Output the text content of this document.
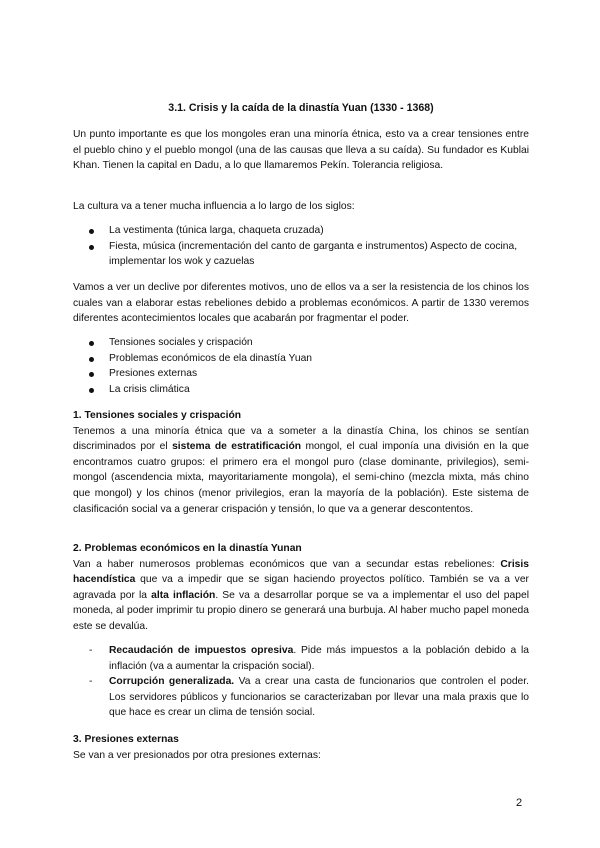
3.1. Crisis y la caída de la dinastía Yuan (1330 - 1368)
Un punto importante es que los mongoles eran una minoría étnica, esto va a crear tensiones entre el pueblo chino y el pueblo mongol (una de las causas que lleva a su caída). Su fundador es Kublai Khan. Tienen la capital en Dadu, a lo que llamaremos Pekín. Tolerancia religiosa.
La cultura va a tener mucha influencia a lo largo de los siglos:
La vestimenta (túnica larga, chaqueta cruzada)
Fiesta, música (incrementación del canto de garganta e instrumentos) Aspecto de cocina, implementar los wok y cazuelas
Vamos a ver un declive por diferentes motivos, uno de ellos va a ser la resistencia de los chinos los cuales van a elaborar estas rebeliones debido a problemas económicos. A partir de 1330 veremos diferentes acontecimientos locales que acabarán por fragmentar el poder.
Tensiones sociales y crispación
Problemas económicos de ela dinastía Yuan
Presiones externas
La crisis climática
1. Tensiones sociales y crispación
Tenemos a una minoría étnica que va a someter a la dinastía China, los chinos se sentían discriminados por el sistema de estratificación mongol, el cual imponía una división en la que encontramos cuatro grupos: el primero era el mongol puro (clase dominante, privilegios), semi-mongol (ascendencia mixta, mayoritariamente mongola), el semi-chino (mezcla mixta, más chino que mongol) y los chinos (menor privilegios, eran la mayoría de la población). Este sistema de clasificación social va a generar crispación y tensión, lo que va a generar descontentos.
2. Problemas económicos en la dinastía Yunan
Van a haber numerosos problemas económicos que van a secundar estas rebeliones: Crisis hacendística que va a impedir que se sigan haciendo proyectos político. También se va a ver agravada por la alta inflación. Se va a desarrollar porque se va a implementar el uso del papel moneda, al poder imprimir tu propio dinero se generará una burbuja. Al haber mucho papel moneda este se devalúa.
- Recaudación de impuestos opresiva. Pide más impuestos a la población debido a la inflación (va a aumentar la crispación social).
- Corrupción generalizada. Va a crear una casta de funcionarios que controlen el poder. Los servidores públicos y funcionarios se caracterizaban por llevar una mala praxis que lo que hace es crear un clima de tensión social.
3. Presiones externas
Se van a ver presionados por otra presiones externas:
2
